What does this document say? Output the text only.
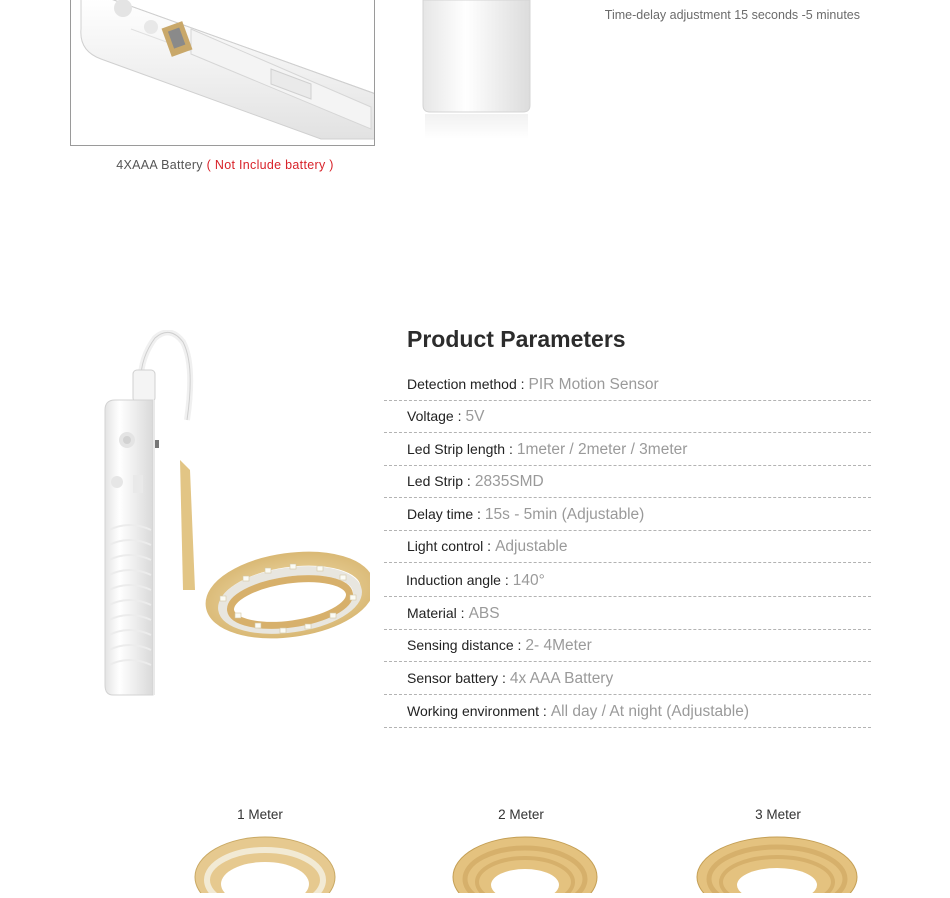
4XAAA Battery ( Not Include battery )
Time-delay adjustment 15 seconds -5 minutes
Product Parameters
Detection method : PIR Motion Sensor
Voltage : 5V
Led Strip length : 1meter / 2meter / 3meter
Led Strip : 2835SMD
Delay time : 15s - 5min (Adjustable)
Light control : Adjustable
Induction angle : 140°
Material : ABS
Sensing distance : 2- 4Meter
Sensor battery : 4x AAA Battery
Working environment : All day / At night (Adjustable)
1 Meter	2 Meter	3 Meter
